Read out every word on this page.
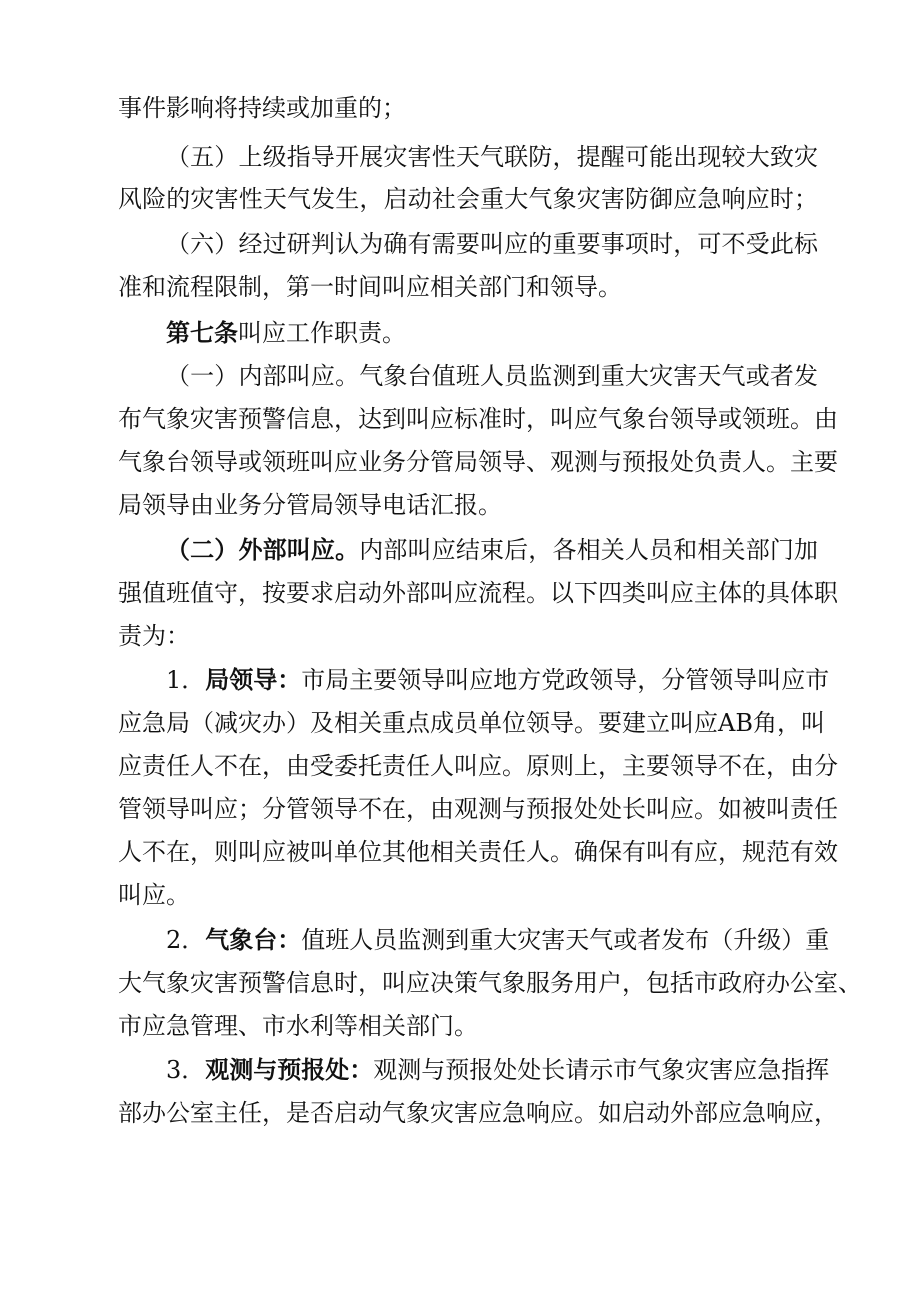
事件影响将持续或加重的；

（五）上级指导开展灾害性天气联防，提醒可能出现较大致灾

风险的灾害性天气发生，启动社会重大气象灾害防御应急响应时；

（六）经过研判认为确有需要叫应的重要事项时，可不受此标

准和流程限制，第一时间叫应相关部门和领导。

第七条叫应工作职责。

（一）内部叫应。气象台值班人员监测到重大灾害天气或者发

布气象灾害预警信息，达到叫应标准时，叫应气象台领导或领班。由

气象台领导或领班叫应业务分管局领导、观测与预报处负责人。主要

局领导由业务分管局领导电话汇报。

（二）外部叫应。内部叫应结束后，各相关人员和相关部门加

强值班值守，按要求启动外部叫应流程。以下四类叫应主体的具体职

责为：

1．局领导：市局主要领导叫应地方党政领导，分管领导叫应市

应急局（减灾办）及相关重点成员单位领导。要建立叫应AB角，叫

应责任人不在，由受委托责任人叫应。原则上，主要领导不在，由分

管领导叫应；分管领导不在，由观测与预报处处长叫应。如被叫责任

人不在，则叫应被叫单位其他相关责任人。确保有叫有应，规范有效

叫应。

2．气象台：值班人员监测到重大灾害天气或者发布（升级）重

大气象灾害预警信息时，叫应决策气象服务用户，包括市政府办公室、

市应急管理、市水利等相关部门。

3．观测与预报处：观测与预报处处长请示市气象灾害应急指挥

部办公室主任，是否启动气象灾害应急响应。如启动外部应急响应，
